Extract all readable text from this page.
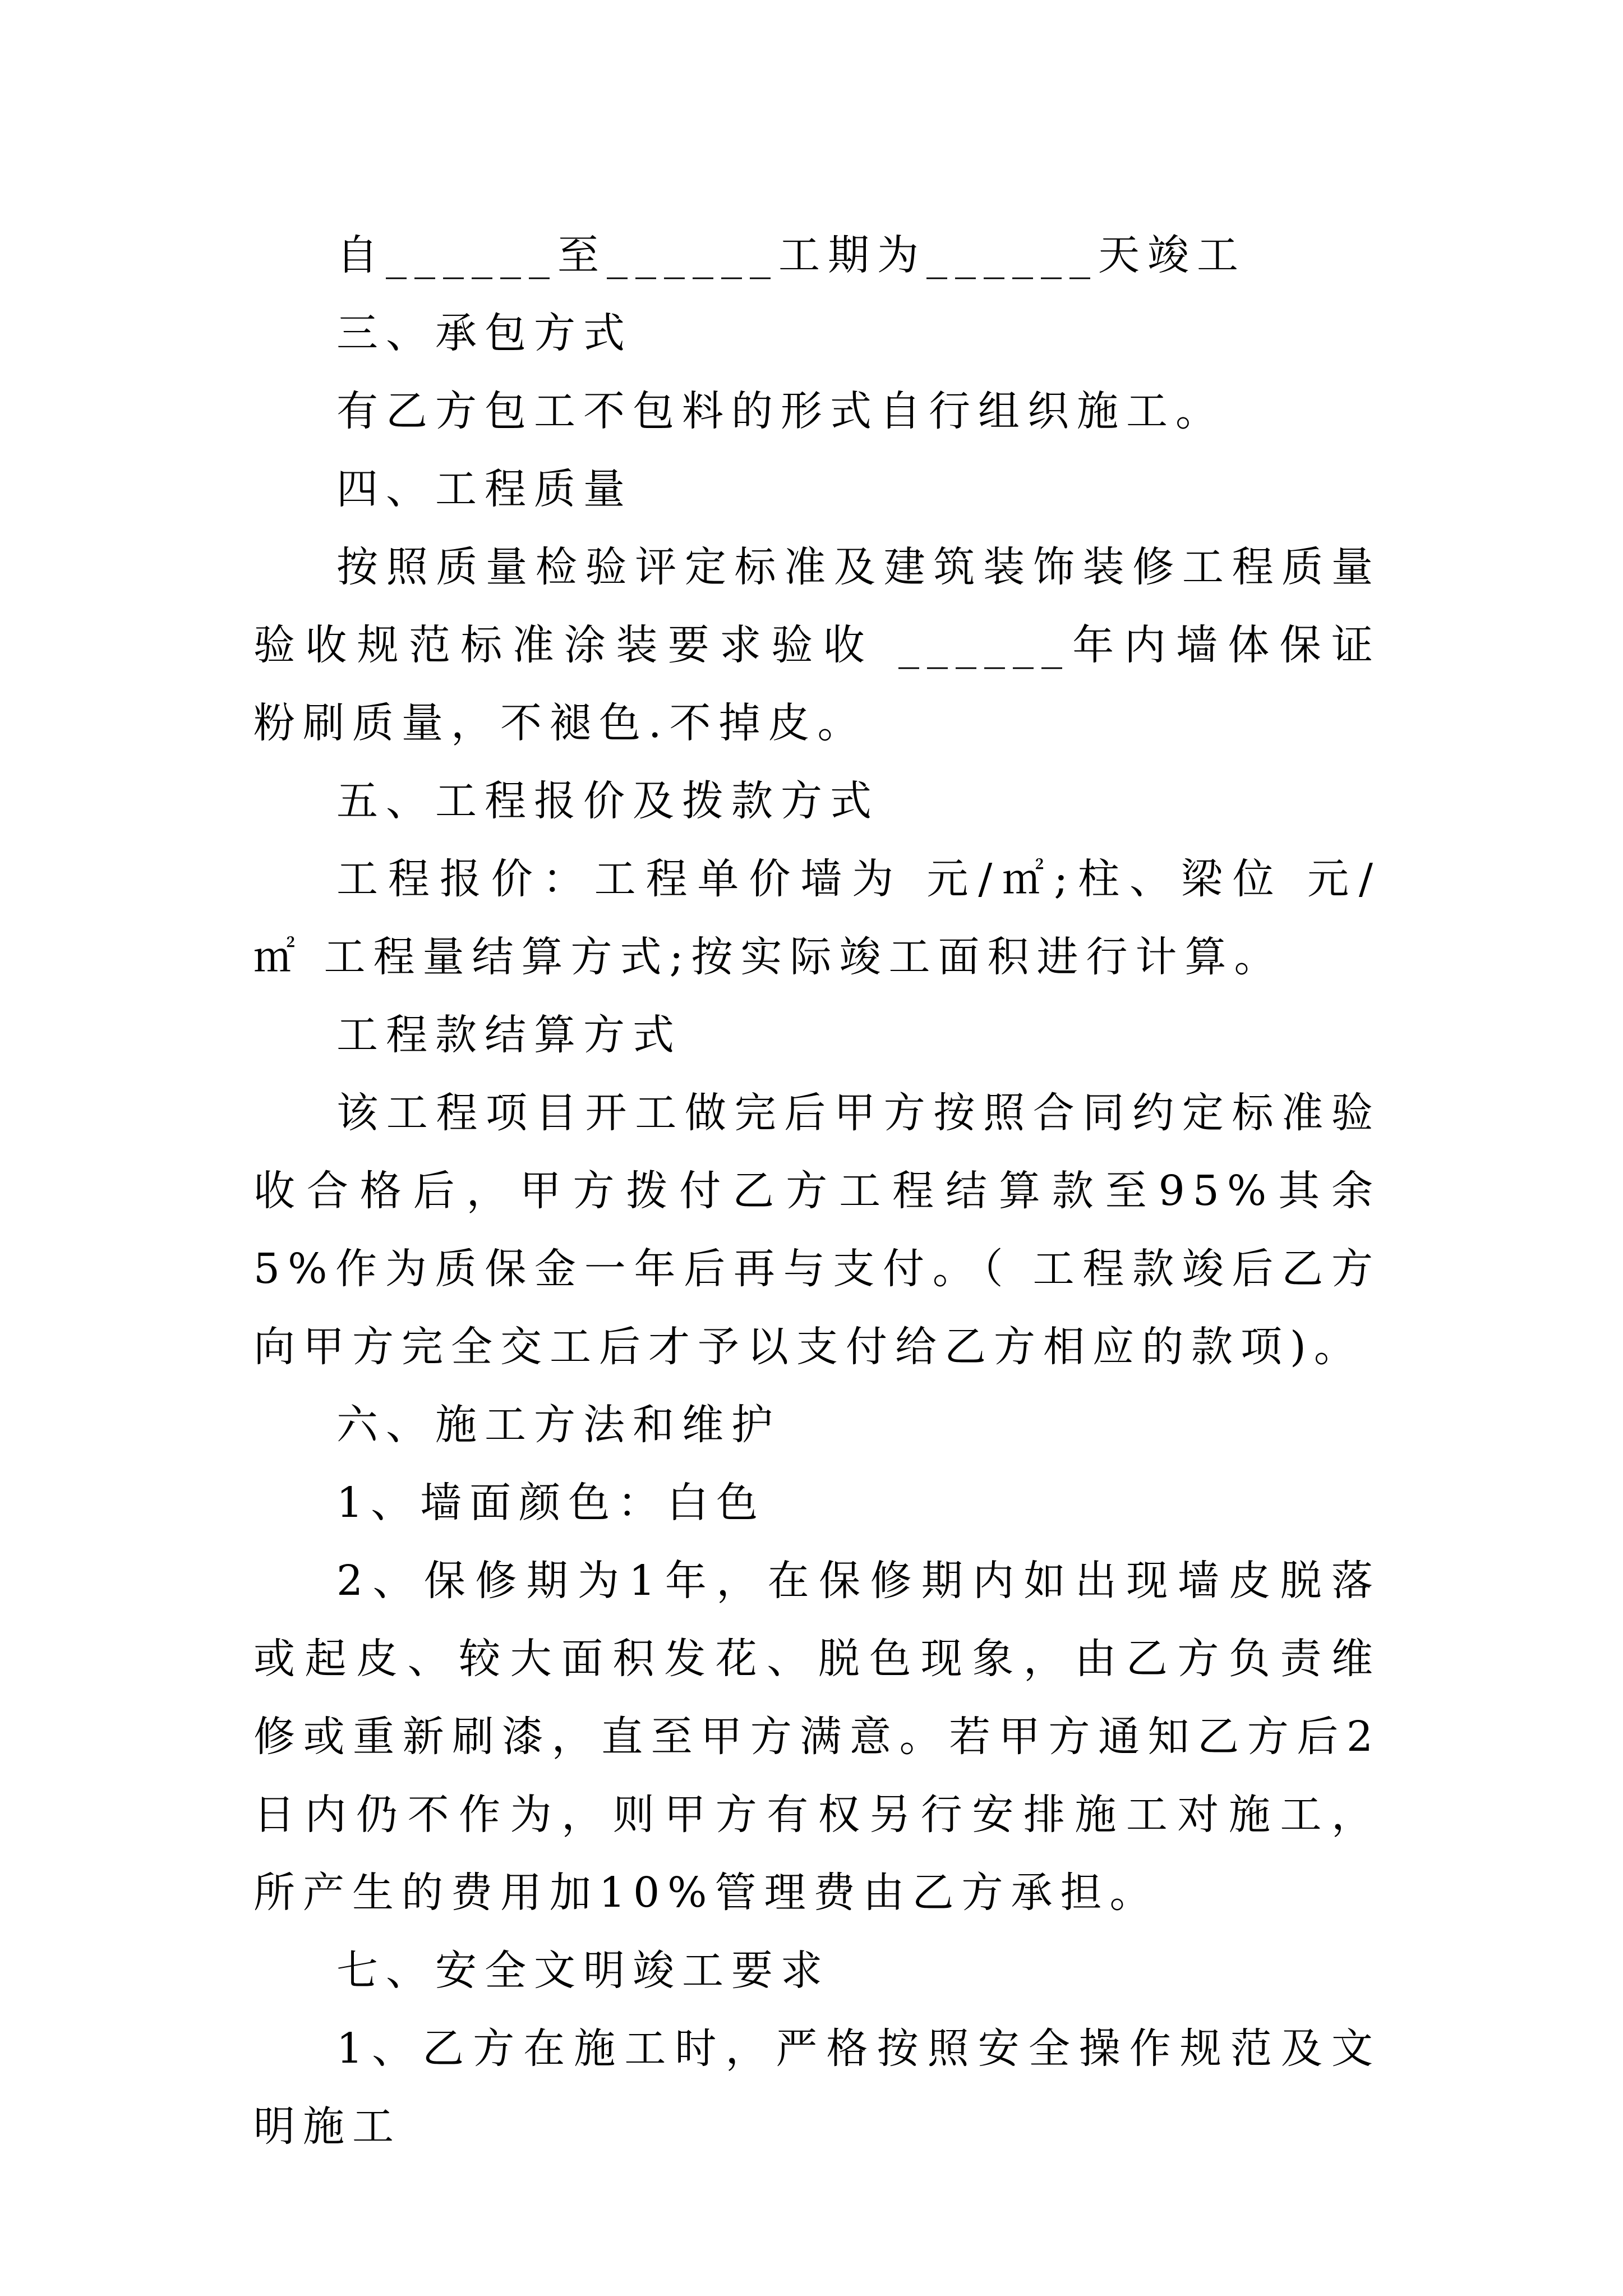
自______至______工期为______天竣工

三、承包方式

有乙方包工不包料的形式自行组织施工。

四、工程质量

按照质量检验评定标准及建筑装饰装修工程质量验收规范标准涂装要求验收 ______年内墙体保证粉刷质量，不褪色.不掉皮。

五、工程报价及拨款方式

工程报价：工程单价墙为 元/㎡;柱、梁位 元/㎡ 工程量结算方式;按实际竣工面积进行计算。

工程款结算方式

该工程项目开工做完后甲方按照合同约定标准验收合格后，甲方拨付乙方工程结算款至95%其余5%作为质保金一年后再与支付。（ 工程款竣后乙方向甲方完全交工后才予以支付给乙方相应的款项)。

六、施工方法和维护

1、墙面颜色：白色

2、保修期为1年，在保修期内如出现墙皮脱落或起皮、较大面积发花、脱色现象，由乙方负责维修或重新刷漆，直至甲方满意。若甲方通知乙方后2日内仍不作为，则甲方有权另行安排施工对施工，所产生的费用加10%管理费由乙方承担。

七、安全文明竣工要求

1、乙方在施工时，严格按照安全操作规范及文明施工
